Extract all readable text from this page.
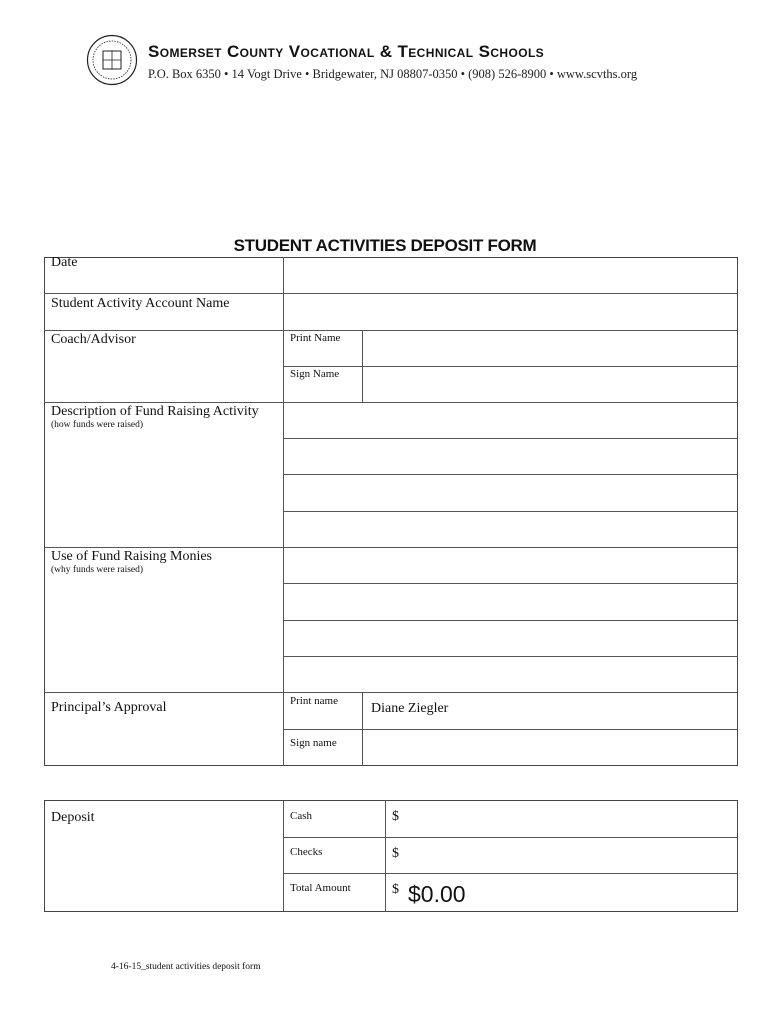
Somerset County Vocational & Technical Schools
P.O. Box 6350 • 14 Vogt Drive • Bridgewater, NJ 08807-0350 • (908) 526-8900 • www.scvths.org
STUDENT ACTIVITIES DEPOSIT FORM
Date
Student Activity Account Name
Coach/Advisor	Print Name
Sign Name
Description of Fund Raising Activity
(how funds were raised)
Use of Fund Raising Monies
(why funds were raised)
Principal’s Approval	Print name Diane Ziegler
Sign name
Deposit	Cash	$
Checks	$
Total Amount	$ $0.00
4-16-15_student activities deposit form
